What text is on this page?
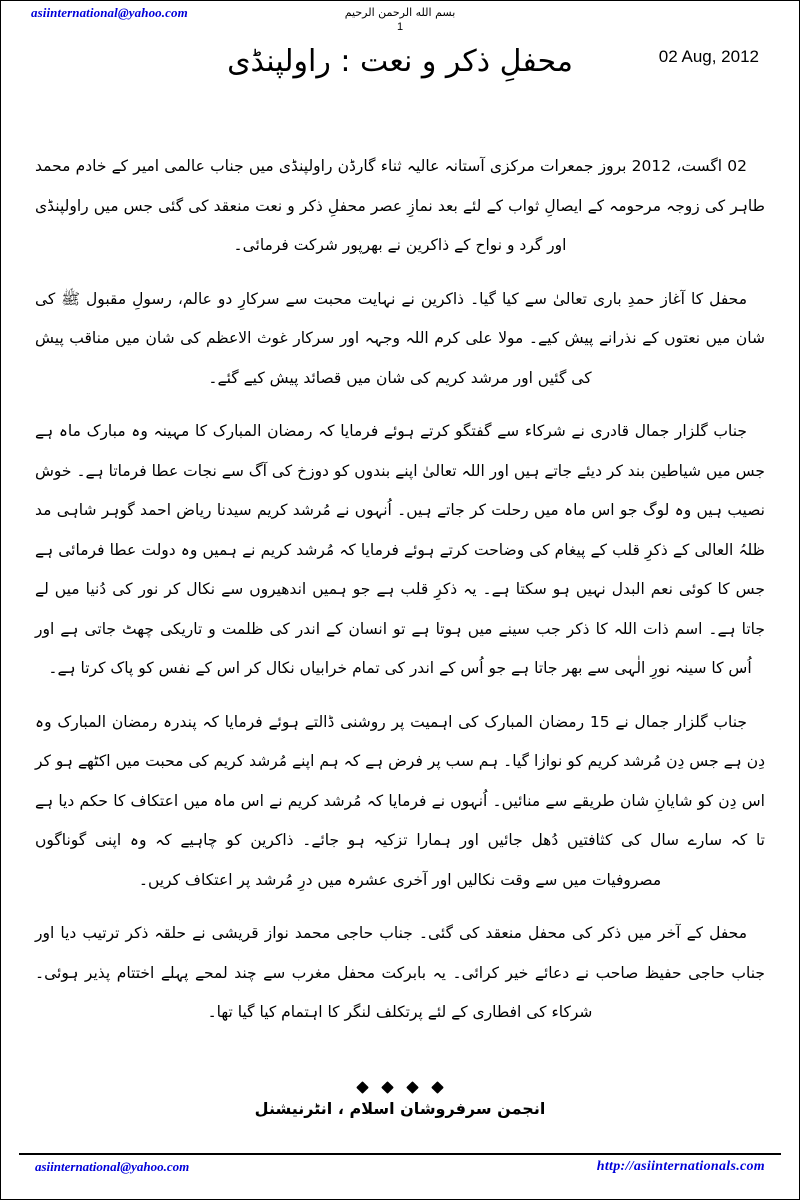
asiinternational@yahoo.com	بسم الله الرحمن الرحيم
1
محفلِ ذکر و نعت : راولپنڈی	02 Aug, 2012

02 اگست، 2012 بروز جمعرات مرکزی آستانہ عالیہ ثناء گارڈن راولپنڈی میں جناب عالمی امیر کے خادم محمد طاہر کی زوجہ مرحومہ کے ایصالِ ثواب کے لئے بعد نمازِ عصر محفلِ ذکر و نعت منعقد کی گئی جس میں راولپنڈی اور گرد و نواح کے ذاکرین نے بھرپور شرکت فرمائی۔

محفل کا آغاز حمدِ باری تعالیٰ سے کیا گیا۔ ذاکرین نے نہایت محبت سے سرکارِ دو عالم، رسولِ مقبول ﷺ کی شان میں نعتوں کے نذرانے پیش کیے۔ مولا علی کرم اللہ وجہہ اور سرکار غوث الاعظم کی شان میں مناقب پیش کی گئیں اور مرشد کریم کی شان میں قصائد پیش کیے گئے۔

جناب گلزار جمال قادری نے شرکاء سے گفتگو کرتے ہوئے فرمایا کہ رمضان المبارک کا مہینہ وہ مبارک ماہ ہے جس میں شیاطین بند کر دیئے جاتے ہیں اور اللہ تعالیٰ اپنے بندوں کو دوزخ کی آگ سے نجات عطا فرماتا ہے۔ خوش نصیب ہیں وہ لوگ جو اس ماہ میں رحلت کر جاتے ہیں۔ اُنہوں نے مُرشد کریم سیدنا ریاض احمد گوہر شاہی مد ظلہُ العالی کے ذکرِ قلب کے پیغام کی وضاحت کرتے ہوئے فرمایا کہ مُرشد کریم نے ہمیں وہ دولت عطا فرمائی ہے جس کا کوئی نعم البدل نہیں ہو سکتا ہے۔ یہ ذکرِ قلب ہے جو ہمیں اندھیروں سے نکال کر نور کی دُنیا میں لے جاتا ہے۔ اسم ذات اللہ کا ذکر جب سینے میں ہوتا ہے تو انسان کے اندر کی ظلمت و تاریکی چھٹ جاتی ہے اور اُس کا سینہ نورِ الٰہی سے بھر جاتا ہے جو اُس کے اندر کی تمام خرابیاں نکال کر اس کے نفس کو پاک کرتا ہے۔

جناب گلزار جمال نے 15 رمضان المبارک کی اہمیت پر روشنی ڈالتے ہوئے فرمایا کہ پندرہ رمضان المبارک وہ دِن ہے جس دِن مُرشد کریم کو نوازا گیا۔ ہم سب پر فرض ہے کہ ہم اپنے مُرشد کریم کی محبت میں اکٹھے ہو کر اس دِن کو شایانِ شان طریقے سے منائیں۔ اُنہوں نے فرمایا کہ مُرشد کریم نے اس ماہ میں اعتکاف کا حکم دیا ہے تا کہ سارے سال کی کثافتیں دُھل جائیں اور ہمارا تزکیہ ہو جائے۔ ذاکرین کو چاہیے کہ وہ اپنی گوناگوں مصروفیات میں سے وقت نکالیں اور آخری عشرہ میں درِ مُرشد پر اعتکاف کریں۔

محفل کے آخر میں ذکر کی محفل منعقد کی گئی۔ جناب حاجی محمد نواز قریشی نے حلقہ ذکر ترتیب دیا اور جناب حاجی حفیظ صاحب نے دعائے خیر کرائی۔ یہ بابرکت محفل مغرب سے چند لمحے پہلے اختتام پذیر ہوئی۔ شرکاء کی افطاری کے لئے پرتکلف لنگر کا اہتمام کیا گیا تھا۔

انجمن سرفروشان اسلام ، انٹرنیشنل
asiinternational@yahoo.com	http://asiinternationals.com
